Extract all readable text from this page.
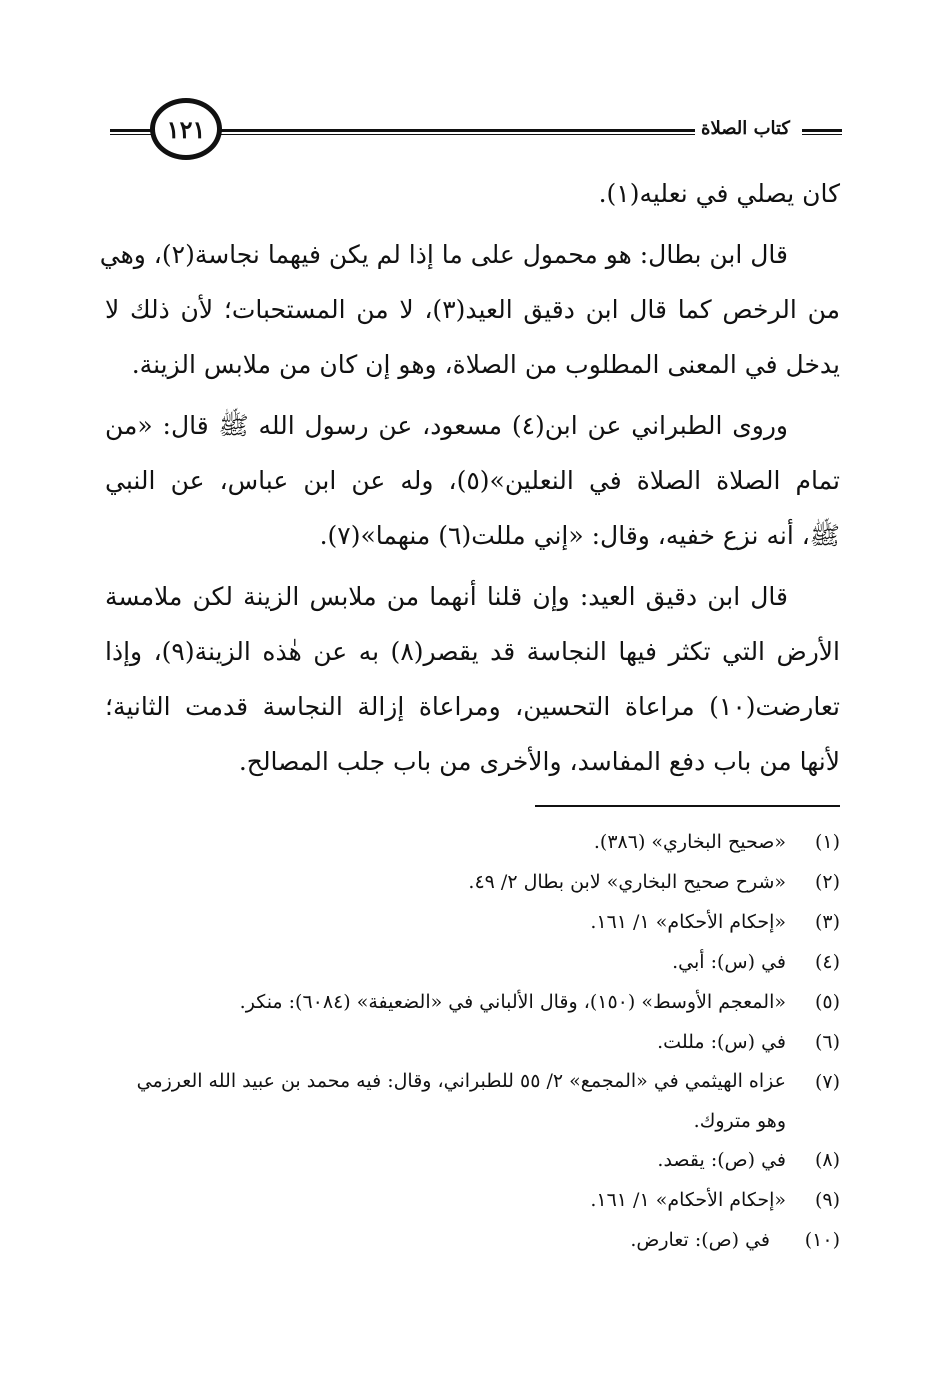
كتاب الصلاة
١٢١
كان يصلي في نعليه(١).
قال ابن بطال: هو محمول على ما إذا لم يكن فيهما نجاسة(٢)، وهي
من الرخص كما قال ابن دقيق العيد(٣)، لا من المستحبات؛ لأن ذلك لا
يدخل في المعنى المطلوب من الصلاة، وهو إن كان من ملابس الزينة.
وروى الطبراني عن ابن(٤) مسعود، عن رسول الله ﷺ قال: «من
تمام الصلاة الصلاة في النعلين»(٥)، وله عن ابن عباس، عن النبي
ﷺ، أنه نزع خفيه، وقال: «إني مللت(٦) منهما»(٧).
قال ابن دقيق العيد: وإن قلنا أنهما من ملابس الزينة لكن ملامسة
الأرض التي تكثر فيها النجاسة قد يقصر(٨) به عن هٰذه الزينة(٩)، وإذا
تعارضت(١٠) مراعاة التحسين، ومراعاة إزالة النجاسة قدمت الثانية؛
لأنها من باب دفع المفاسد، والأخرى من باب جلب المصالح.
(١)
«صحيح البخاري» (٣٨٦).
(٢)
«شرح صحيح البخاري» لابن بطال ٢/ ٤٩.
(٣)
«إحكام الأحكام» ١/ ١٦١.
(٤)
في (س): أبي.
(٥)
«المعجم الأوسط» (١٥٠)، وقال الألباني في «الضعيفة» (٦٠٨٤): منكر.
(٦)
في (س): مللت.
(٧)
عزاه الهيثمي في «المجمع» ٢/ ٥٥ للطبراني، وقال: فيه محمد بن عبيد الله العرزمي
وهو متروك.
(٨)
في (ص): يقصد.
(٩)
«إحكام الأحكام» ١/ ١٦١.
(١٠)
في (ص): تعارض.
